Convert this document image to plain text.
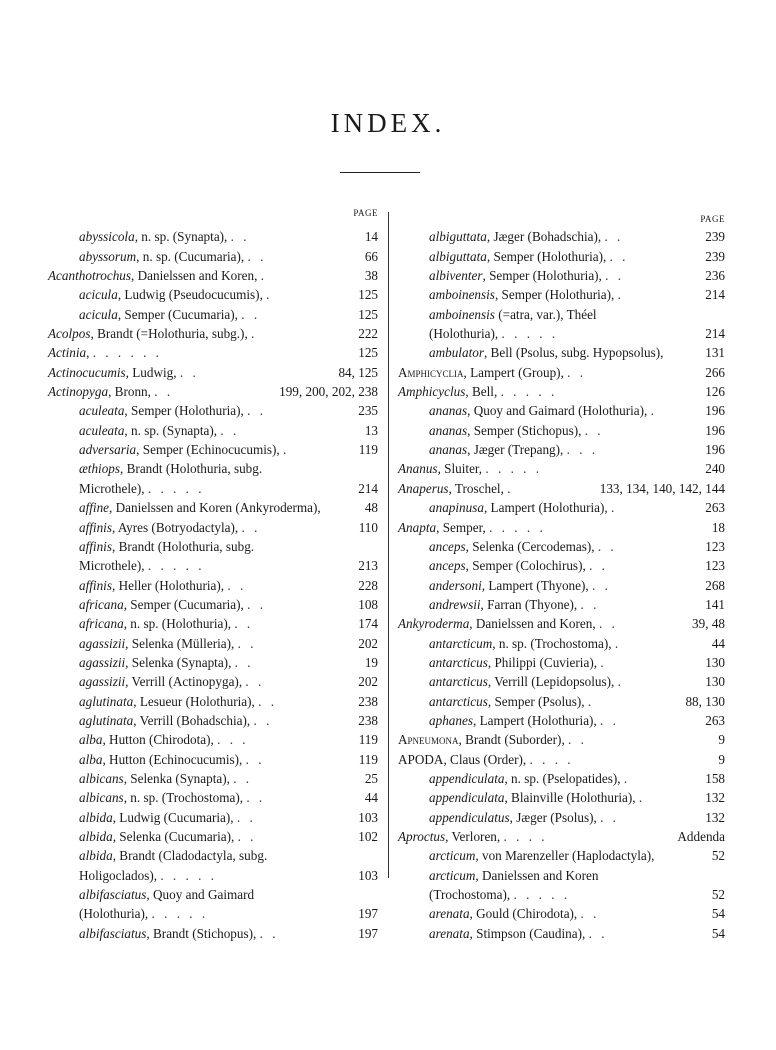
INDEX.
PAGE
abyssicola, n. sp. (Synapta), . .	14
abyssorum, n. sp. (Cucumaria), . .	66
Acanthotrochus, Danielssen and Koren, .	38
acicula, Ludwig (Pseudocucumis), .	125
acicula, Semper (Cucumaria), . .	125
Acolpos, Brandt (=Holothuria, subg.), .	222
Actinia, . . . . . .	125
Actinocucumis, Ludwig, . .	84, 125
Actinopyga, Bronn, . .	199, 200, 202, 238
aculeata, Semper (Holothuria), . .	235
aculeata, n. sp. (Synapta), . .	13
adversaria, Semper (Echinocucumis), .	119
æthiops, Brandt (Holothuria, subg. Microthele), . . . . .	214
affine, Danielssen and Koren (Ankyroderma),	48
affinis, Ayres (Botryodactyla), . .	110
affinis, Brandt (Holothuria, subg. Microthele), . . . . .	213
affinis, Heller (Holothuria), . .	228
africana, Semper (Cucumaria), . .	108
africana, n. sp. (Holothuria), . .	174
agassizii, Selenka (Mülleria), . .	202
agassizii, Selenka (Synapta), . .	19
agassizii, Verrill (Actinopyga), . .	202
aglutinata, Lesueur (Holothuria), . .	238
aglutinata, Verrill (Bohadschia), . .	238
alba, Hutton (Chirodota), . . .	119
alba, Hutton (Echinocucumis), . .	119
albicans, Selenka (Synapta), . .	25
albicans, n. sp. (Trochostoma), . .	44
albida, Ludwig (Cucumaria), . .	103
albida, Selenka (Cucumaria), . .	102
albida, Brandt (Cladodactyla, subg. Holigoclados), . . . . .	103
albifasciatus, Quoy and Gaimard (Holothuria), . . . . .	197
albifasciatus, Brandt (Stichopus), . .	197
PAGE
albiguttata, Jæger (Bohadschia), . .	239
albiguttata, Semper (Holothuria), . .	239
albiventer, Semper (Holothuria), . .	236
amboinensis, Semper (Holothuria), .	214
amboinensis (=atra, var.), Théel (Holothuria), . . . . .	214
ambulator, Bell (Psolus, subg. Hypopsolus),	131
Amphicyclia, Lampert (Group), . .	266
Amphicyclus, Bell, . . . . .	126
ananas, Quoy and Gaimard (Holothuria), .	196
ananas, Semper (Stichopus), . .	196
ananas, Jæger (Trepang), . . .	196
Ananus, Sluiter, . . . . .	240
Anaperus, Troschel, .	133, 134, 140, 142, 144
anapinusa, Lampert (Holothuria), .	263
Anapta, Semper, . . . . .	18
anceps, Selenka (Cercodemas), . .	123
anceps, Semper (Colochirus), . .	123
andersoni, Lampert (Thyone), . .	268
andrewsii, Farran (Thyone), . .	141
Ankyroderma, Danielssen and Koren, . .	39, 48
antarcticum, n. sp. (Trochostoma), .	44
antarcticus, Philippi (Cuvieria), .	130
antarcticus, Verrill (Lepidopsolus), .	130
antarcticus, Semper (Psolus), .	88, 130
aphanes, Lampert (Holothuria), . .	263
Apneumona, Brandt (Suborder), . .	9
APODA, Claus (Order), . . . .	9
appendiculata, n. sp. (Pselopatides), .	158
appendiculata, Blainville (Holothuria), .	132
appendiculatus, Jæger (Psolus), . .	132
Aproctus, Verloren, . . . .	Addenda
arcticum, von Marenzeller (Haplodactyla),	52
arcticum, Danielssen and Koren (Trochostoma), . . . . .	52
arenata, Gould (Chirodota), . .	54
arenata, Stimpson (Caudina), . .	54
